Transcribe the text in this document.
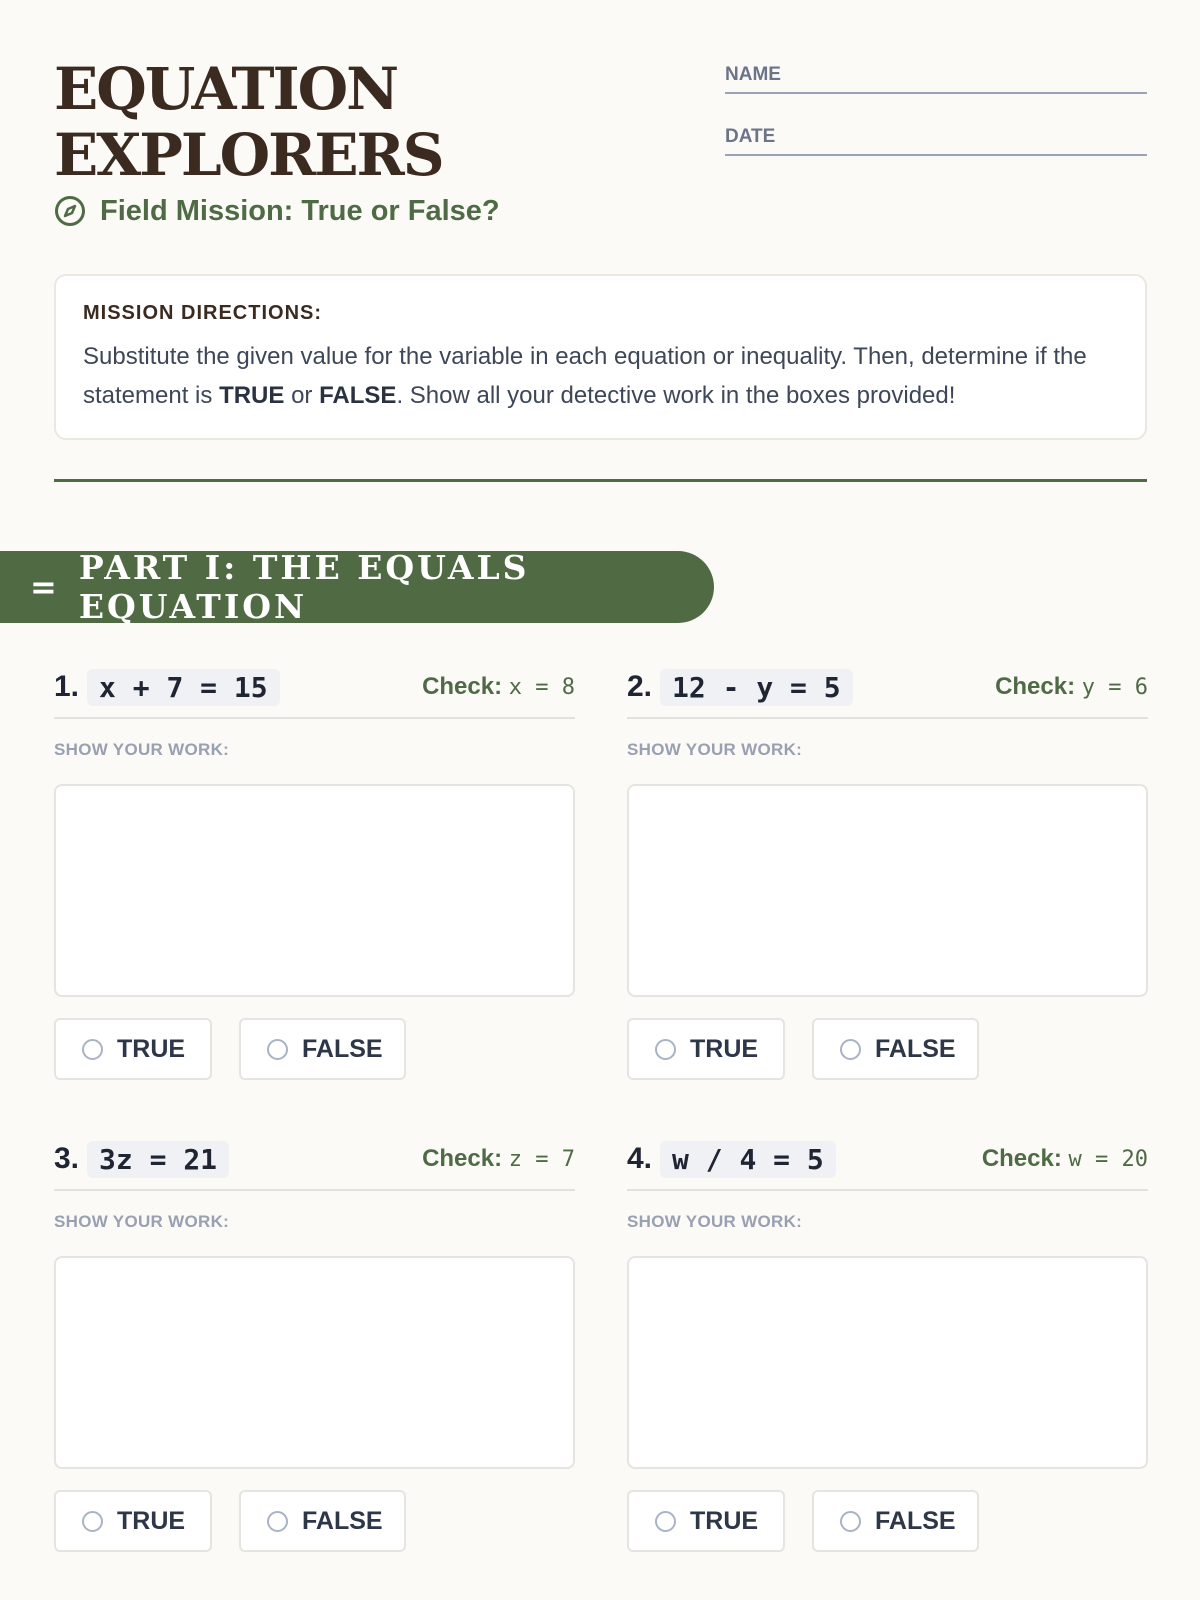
EQUATION
EXPLORERS
Field Mission: True or False?
NAME
DATE
MISSION DIRECTIONS:

Substitute the given value for the variable in each equation or inequality. Then, determine if the statement is TRUE or FALSE. Show all your detective work in the boxes provided!

= PART I: THE EQUALS EQUATION
1. x + 7 = 15	Check: x = 8
SHOW YOUR WORK:
TRUE	FALSE
2. 12 - y = 5	Check: y = 6
SHOW YOUR WORK:
TRUE	FALSE
3. 3z = 21	Check: z = 7
SHOW YOUR WORK:
TRUE	FALSE
4. w / 4 = 5	Check: w = 20
SHOW YOUR WORK:
TRUE	FALSE
